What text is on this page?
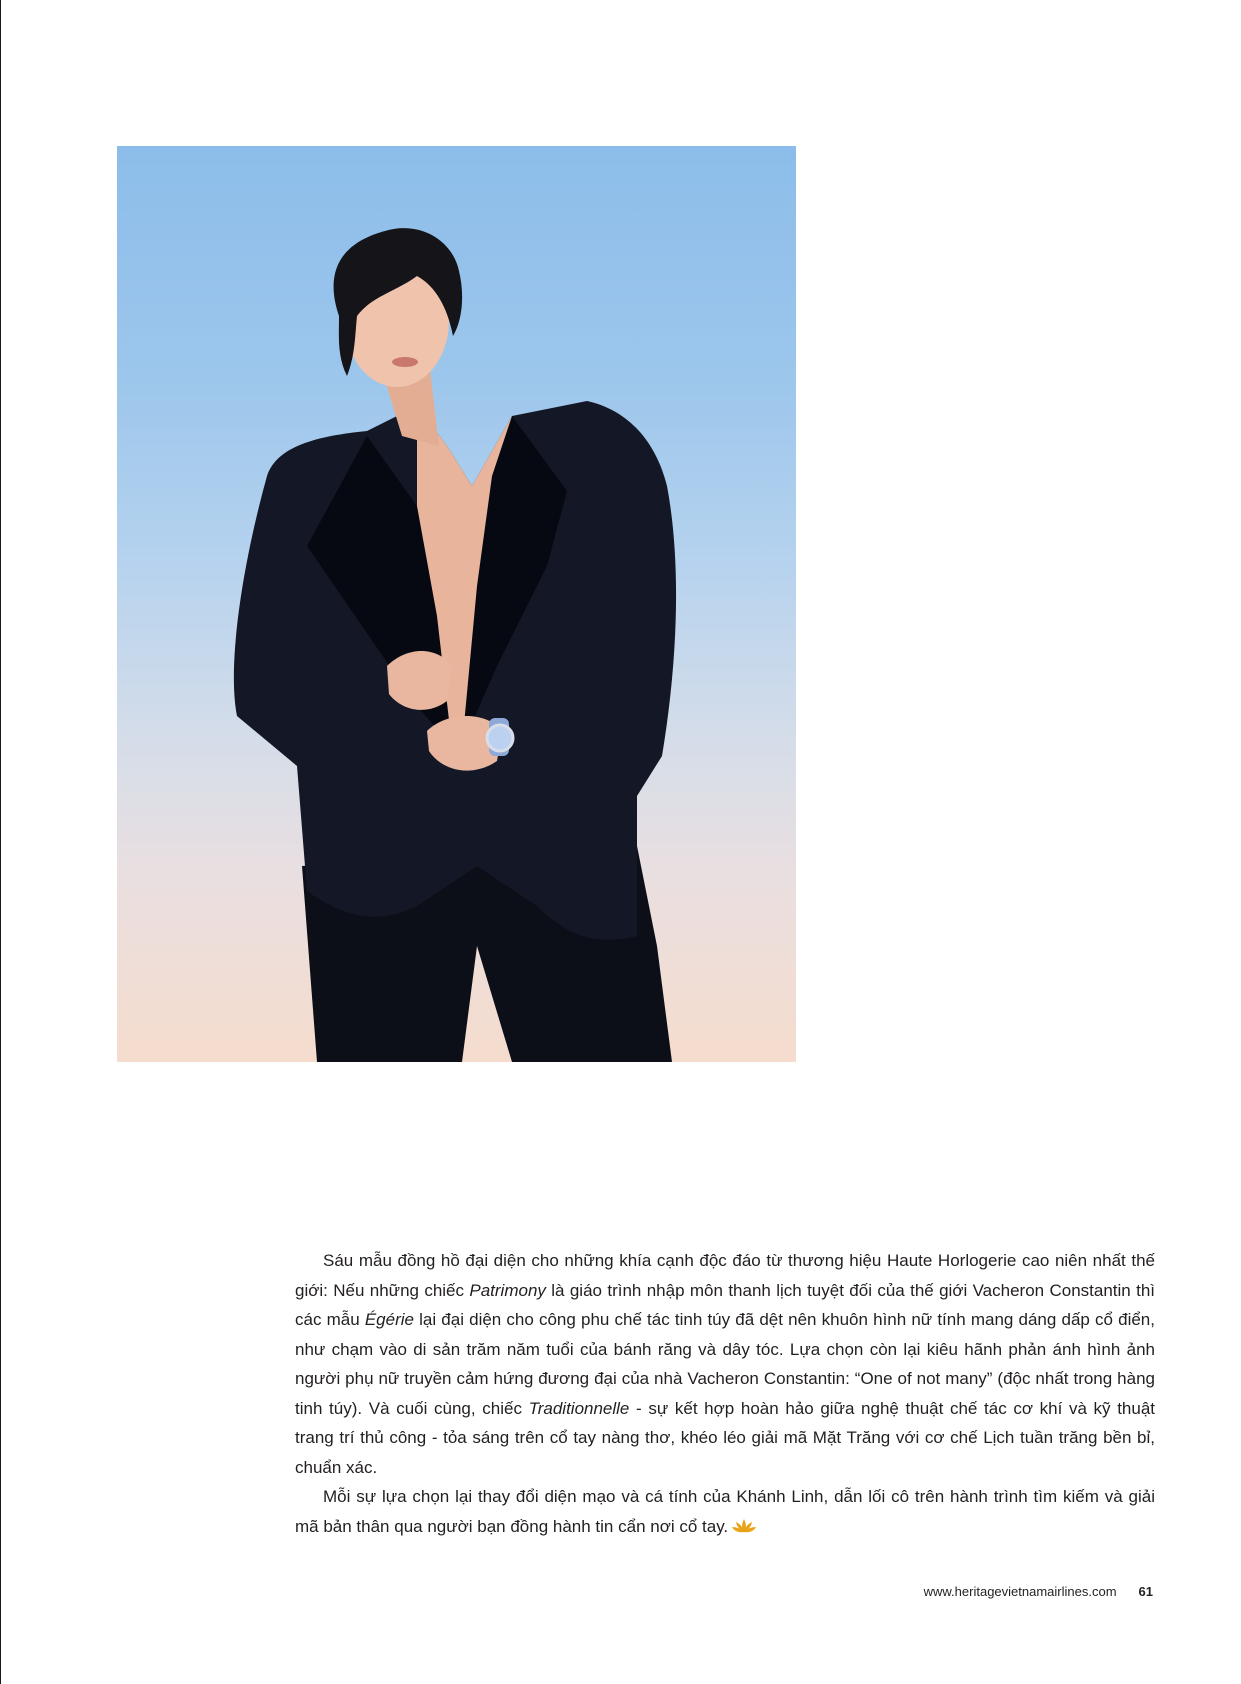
Sáu mẫu đồng hồ đại diện cho những khía cạnh độc đáo từ thương hiệu Haute Horlogerie cao niên nhất thế giới: Nếu những chiếc Patrimony là giáo trình nhập môn thanh lịch tuyệt đối của thế giới Vacheron Constantin thì các mẫu Égérie lại đại diện cho công phu chế tác tinh túy đã dệt nên khuôn hình nữ tính mang dáng dấp cổ điển, như chạm vào di sản trăm năm tuổi của bánh răng và dây tóc. Lựa chọn còn lại kiêu hãnh phản ánh hình ảnh người phụ nữ truyền cảm hứng đương đại của nhà Vacheron Constantin: “One of not many” (độc nhất trong hàng tinh túy). Và cuối cùng, chiếc Traditionnelle - sự kết hợp hoàn hảo giữa nghệ thuật chế tác cơ khí và kỹ thuật trang trí thủ công - tỏa sáng trên cổ tay nàng thơ, khéo léo giải mã Mặt Trăng với cơ chế Lịch tuần trăng bền bỉ, chuẩn xác.

Mỗi sự lựa chọn lại thay đổi diện mạo và cá tính của Khánh Linh, dẫn lối cô trên hành trình tìm kiếm và giải mã bản thân qua người bạn đồng hành tin cẩn nơi cổ tay.

www.heritagevietnamairlines.com 61
